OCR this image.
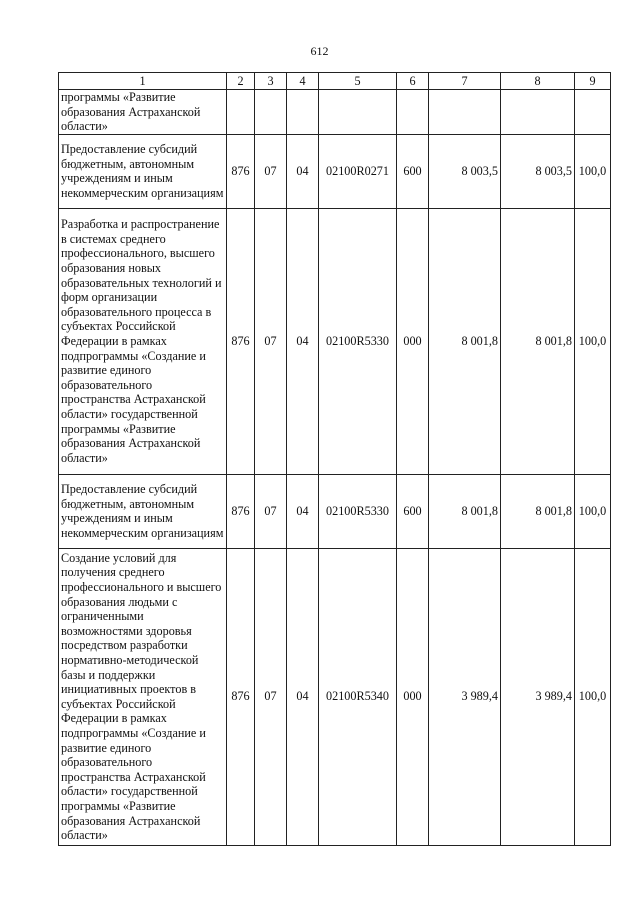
612
1	2	3	4	5	6	7	8	9
программы «Развитие образования Астраханской области»								
Предоставление субсидий бюджетным, автономным учреждениям и иным некоммерческим организациям	876	07	04	02100R0271	600	8 003,5	8 003,5	100,0
Разработка и распространение в системах среднего профессионального, высшего образования новых образовательных технологий и форм организации образовательного процесса в субъектах Российской Федерации в рамках подпрограммы «Создание и развитие единого образовательного пространства Астраханской области» государственной программы «Развитие образования Астраханской области»	876	07	04	02100R5330	000	8 001,8	8 001,8	100,0
Предоставление субсидий бюджетным, автономным учреждениям и иным некоммерческим организациям	876	07	04	02100R5330	600	8 001,8	8 001,8	100,0
Создание условий для получения среднего профессионального и высшего образования людьми с ограниченными возможностями здоровья посредством разработки нормативно-методической базы и поддержки инициативных проектов в субъектах Российской Федерации в рамках подпрограммы «Создание и развитие единого образовательного пространства Астраханской области» государственной программы «Развитие образования Астраханской области»	876	07	04	02100R5340	000	3 989,4	3 989,4	100,0
